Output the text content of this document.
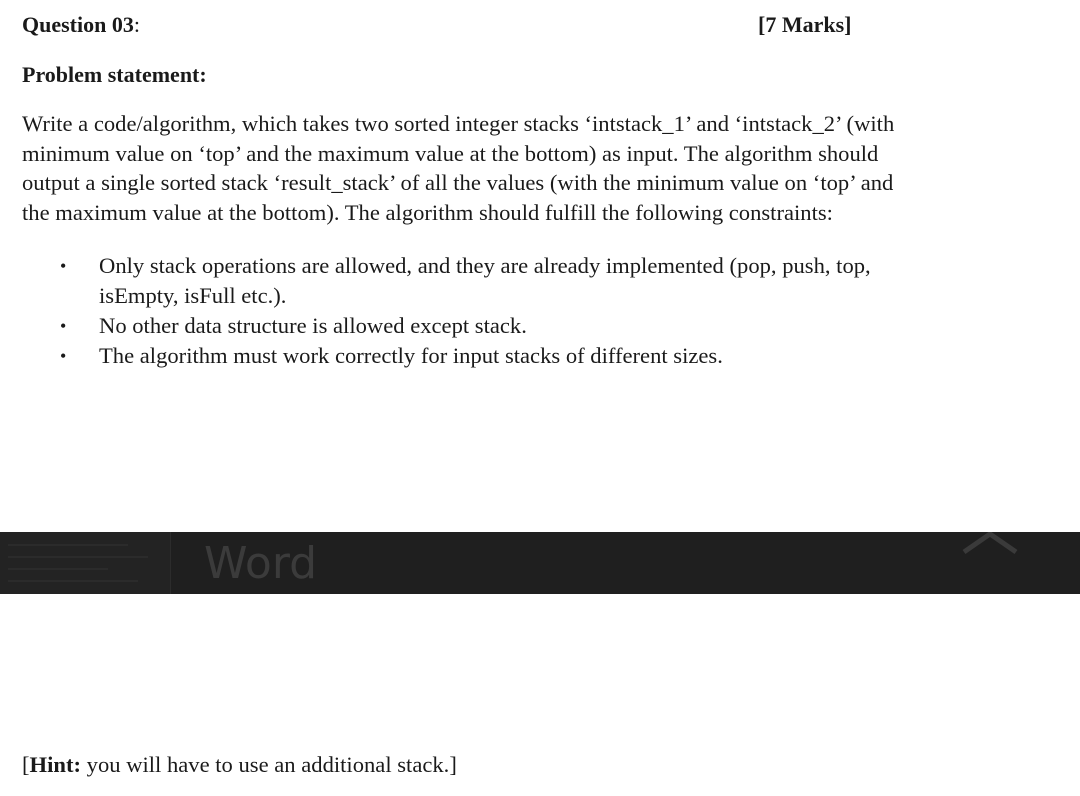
Question 03:	[7 Marks]
Problem statement:
Write a code/algorithm, which takes two sorted integer stacks ‘intstack_1’ and ‘intstack_2’ (with
minimum value on ‘top’ and the maximum value at the bottom) as input. The algorithm should
output a single sorted stack ‘result_stack’ of all the values (with the minimum value on ‘top’ and
the maximum value at the bottom). The algorithm should fulfill the following constraints:
• Only stack operations are allowed, and they are already implemented (pop, push, top,
isEmpty, isFull etc.).
• No other data structure is allowed except stack.
• The algorithm must work correctly for input stacks of different sizes.
Word
[Hint: you will have to use an additional stack.]
